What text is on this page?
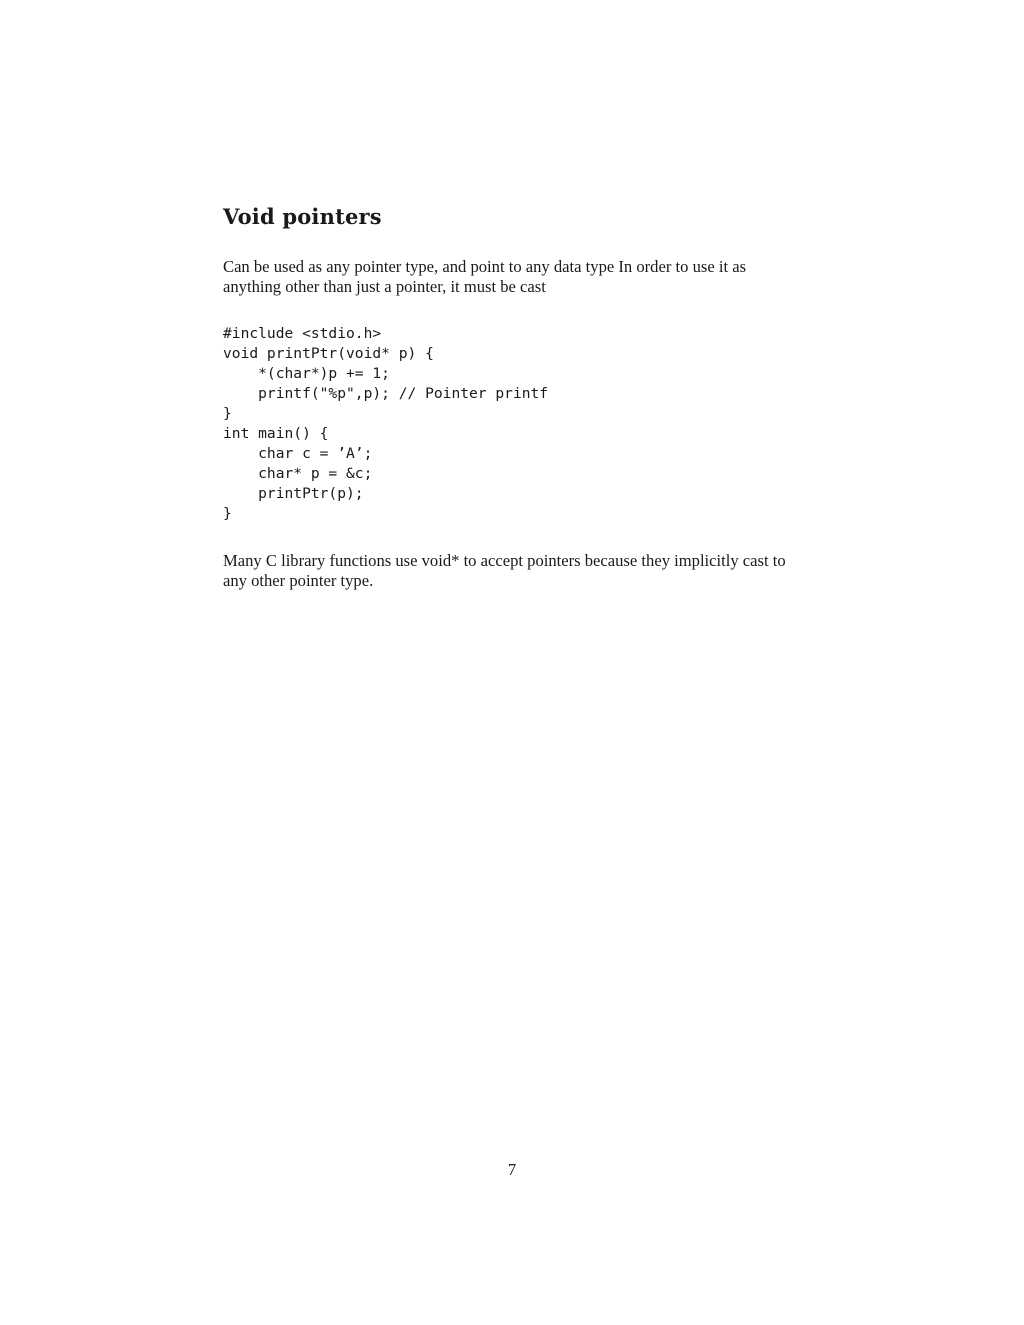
Void pointers

Can be used as any pointer type, and point to any data type In order to use it as anything other than just a pointer, it must be cast

#include <stdio.h>
void printPtr(void* p) {
*(char*)p += 1;
printf("%p",p); // Pointer printf
}
int main() {
char c = ’A’;
char* p = &c;
printPtr(p);
}

Many C library functions use void* to accept pointers because they implicitly cast to any other pointer type.

7
